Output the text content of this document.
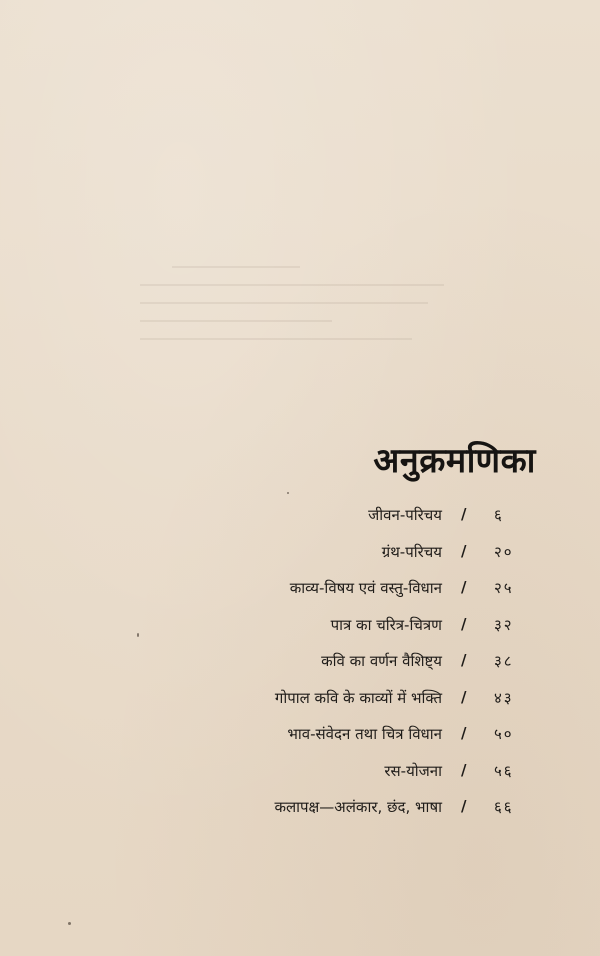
अनुक्रमणिका
जीवन-परिचय / ६
ग्रंथ-परिचय / २०
काव्य-विषय एवं वस्तु-विधान / २५
पात्र का चरित्र-चित्रण / ३२
कवि का वर्णन वैशिष्ट्य / ३८
गोपाल कवि के काव्यों में भक्ति / ४३
भाव-संवेदन तथा चित्र विधान / ५०
रस-योजना / ५६
कलापक्ष—अलंकार, छंद, भाषा / ६६
